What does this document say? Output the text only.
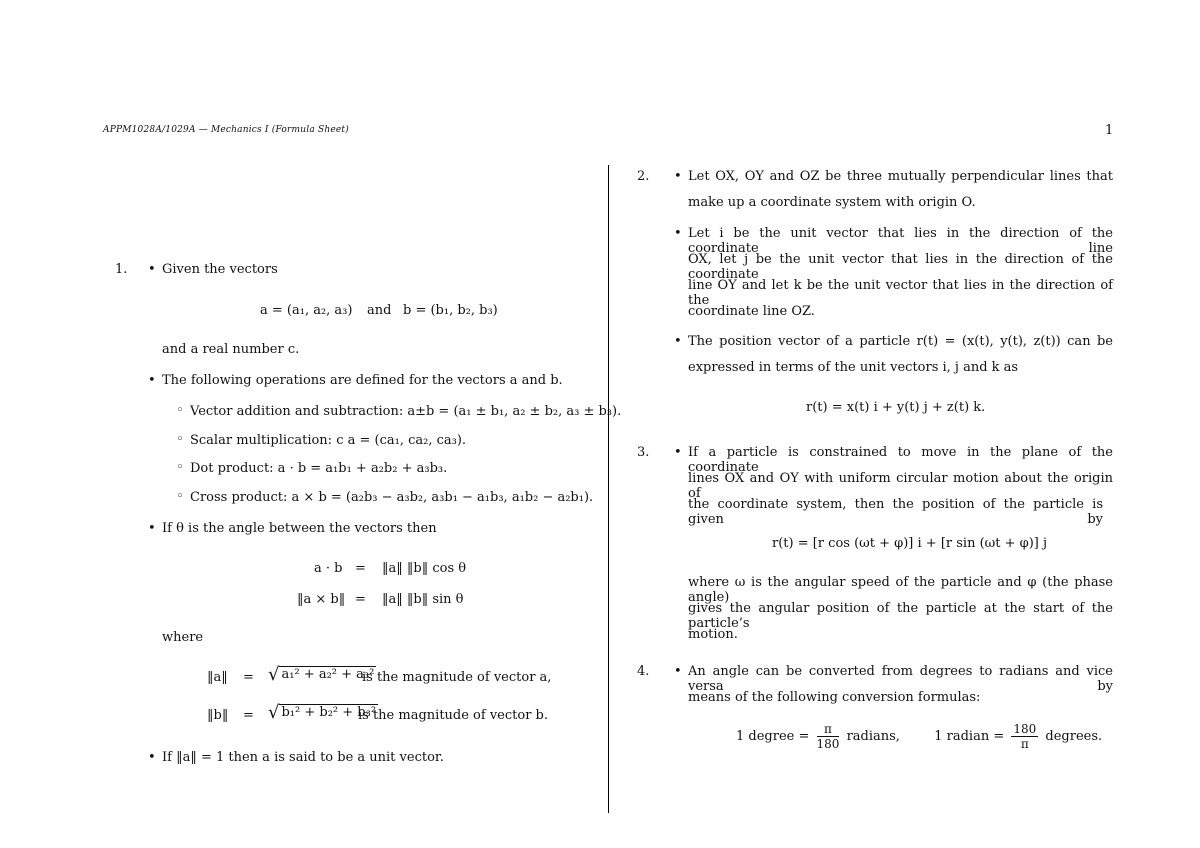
APPM1028A/1029A — Mechanics I (Formula Sheet)	1
1.	• Given the vectors
a = (a₁, a₂, a₃) and b = (b₁, b₂, b₃)
and a real number c.
• The following operations are defined for the vectors a and b.
◦ Vector addition and subtraction: a±b = (a₁ ± b₁, a₂ ± b₂, a₃ ± b₃).
◦ Scalar multiplication: c a = (ca₁, ca₂, ca₃).
◦ Dot product: a · b = a₁b₁ + a₂b₂ + a₃b₃.
◦ Cross product: a × b = (a₂b₃ − a₃b₂, a₃b₁ − a₁b₃, a₁b₂ − a₂b₁).
• If θ is the angle between the vectors then
a · b = ‖a‖ ‖b‖ cos θ
‖a × b‖ = ‖a‖ ‖b‖ sin θ
where
‖a‖ = √ a₁² + a₂² + a₃²
is the magnitude of vector a,
‖b‖ = √ b₁² + b₂² + b₃²
is the magnitude of vector b.
• If ‖a‖ = 1 then a is said to be a unit vector.
2.	• Let OX, OY and OZ be three mutually perpendicular lines that
make up a coordinate system with origin O.
• Let i be the unit vector that lies in the direction of the coordinate line
OX, let j be the unit vector that lies in the direction of the coordinate
line OY and let k be the unit vector that lies in the direction of the
coordinate line OZ.
• The position vector of a particle r(t) = (x(t), y(t), z(t)) can be
expressed in terms of the unit vectors i, j and k as
r(t) = x(t) i + y(t) j + z(t) k.
3.	• If a particle is constrained to move in the plane of the coordinate
lines OX and OY with uniform circular motion about the origin of
the coordinate system, then the position of the particle is given by
r(t) = [r cos (ωt + φ)] i + [r sin (ωt + φ)] j
where ω is the angular speed of the particle and φ (the phase angle)
gives the angular position of the particle at the start of the particle’s
motion.
4.	• An angle can be converted from degrees to radians and vice versa by
means of the following conversion formulas:
1 degree = $\frac{\pi}{180}$ radians,	1 radian = $\frac{180}{\pi}$ degrees.
